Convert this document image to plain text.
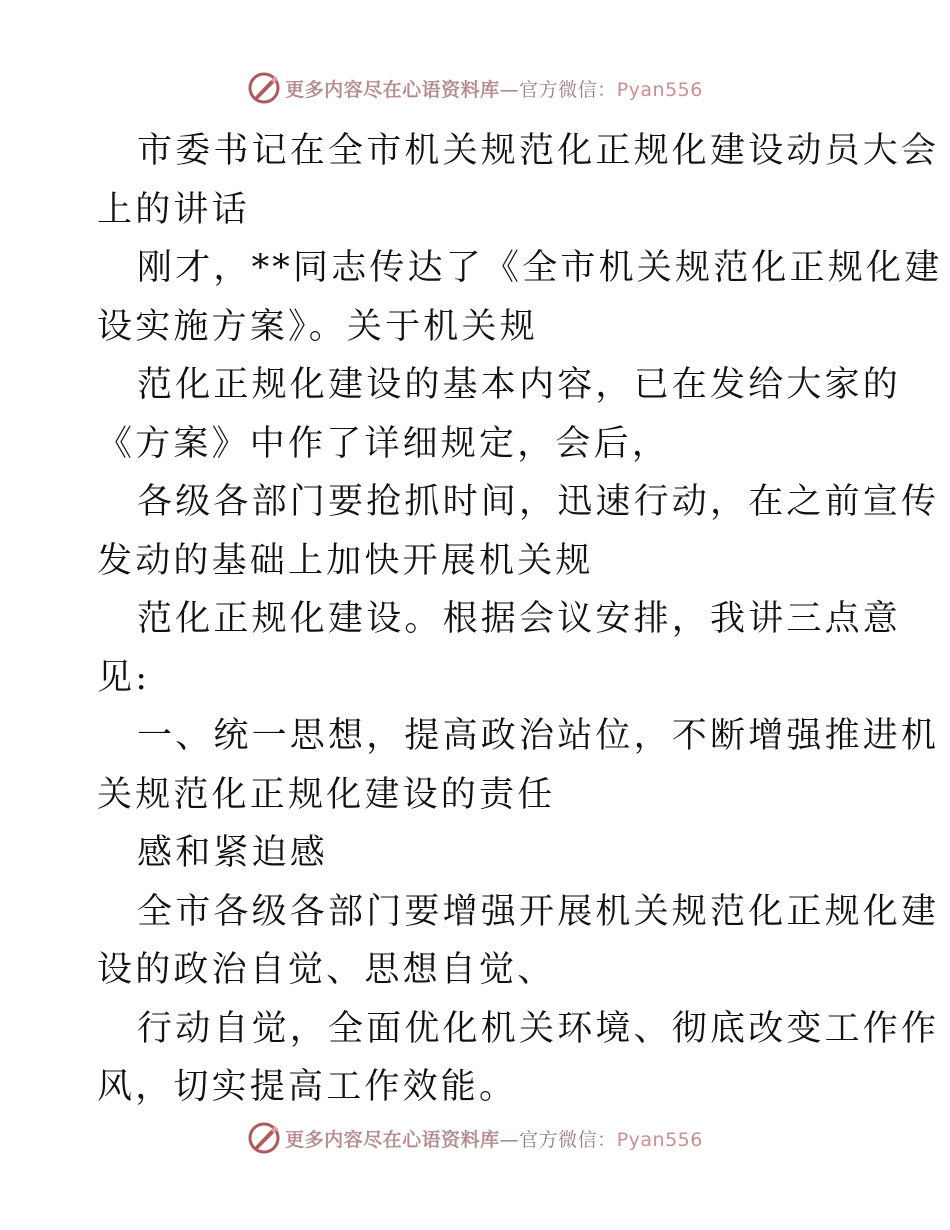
更多内容尽在心语资料库—官方微信：Pyan556

市委书记在全市机关规范化正规化建设动员大会
上的讲话

刚才，**同志传达了《全市机关规范化正规化建
设实施方案》。关于机关规

范化正规化建设的基本内容，已在发给大家的
《方案》中作了详细规定，会后，

各级各部门要抢抓时间，迅速行动，在之前宣传
发动的基础上加快开展机关规

范化正规化建设。根据会议安排，我讲三点意
见:

一、统一思想，提高政治站位，不断增强推进机
关规范化正规化建设的责任

感和紧迫感

全市各级各部门要增强开展机关规范化正规化建
设的政治自觉、思想自觉、

行动自觉，全面优化机关环境、彻底改变工作作
风，切实提高工作效能。

更多内容尽在心语资料库—官方微信：Pyan556
